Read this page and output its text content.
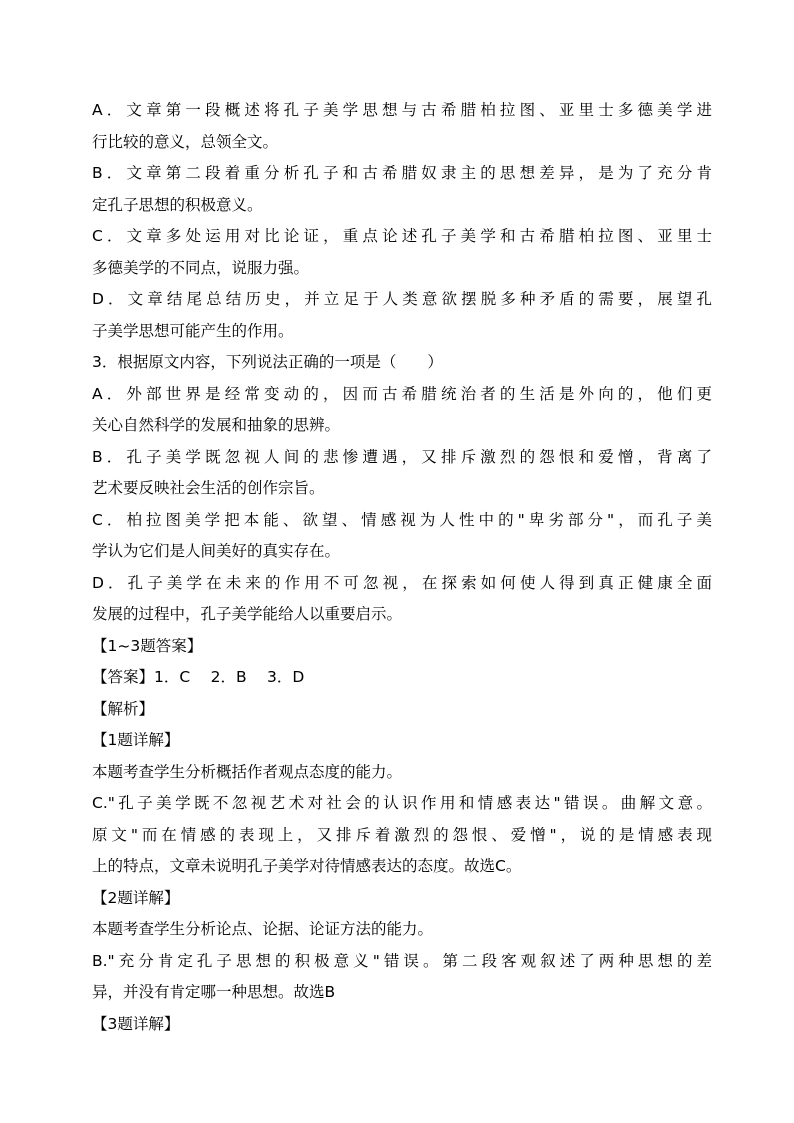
A．文章第一段概述将孔子美学思想与古希腊柏拉图、亚里士多德美学进
行比较的意义，总领全文。
B．文章第二段着重分析孔子和古希腊奴隶主的思想差异，是为了充分肯
定孔子思想的积极意义。
C．文章多处运用对比论证，重点论述孔子美学和古希腊柏拉图、亚里士
多德美学的不同点，说服力强。
D．文章结尾总结历史，并立足于人类意欲摆脱多种矛盾的需要，展望孔
子美学思想可能产生的作用。
3．根据原文内容，下列说法正确的一项是（　　）
A．外部世界是经常变动的，因而古希腊统治者的生活是外向的，他们更
关心自然科学的发展和抽象的思辨。
B．孔子美学既忽视人间的悲惨遭遇，又排斥激烈的怨恨和爱憎，背离了
艺术要反映社会生活的创作宗旨。
C．柏拉图美学把本能、欲望、情感视为人性中的"卑劣部分"，而孔子美
学认为它们是人间美好的真实存在。
D．孔子美学在未来的作用不可忽视，在探索如何使人得到真正健康全面
发展的过程中，孔子美学能给人以重要启示。
【1~3题答案】
【答案】1．C　 2．B　 3．D
【解析】
【1题详解】
本题考查学生分析概括作者观点态度的能力。
C."孔子美学既不忽视艺术对社会的认识作用和情感表达"错误。曲解文意。
原文"而在情感的表现上，又排斥着激烈的怨恨、爱憎"，说的是情感表现
上的特点，文章未说明孔子美学对待情感表达的态度。故选C。
【2题详解】
本题考查学生分析论点、论据、论证方法的能力。
B."充分肯定孔子思想的积极意义"错误。第二段客观叙述了两种思想的差
异，并没有肯定哪一种思想。故选B
【3题详解】
